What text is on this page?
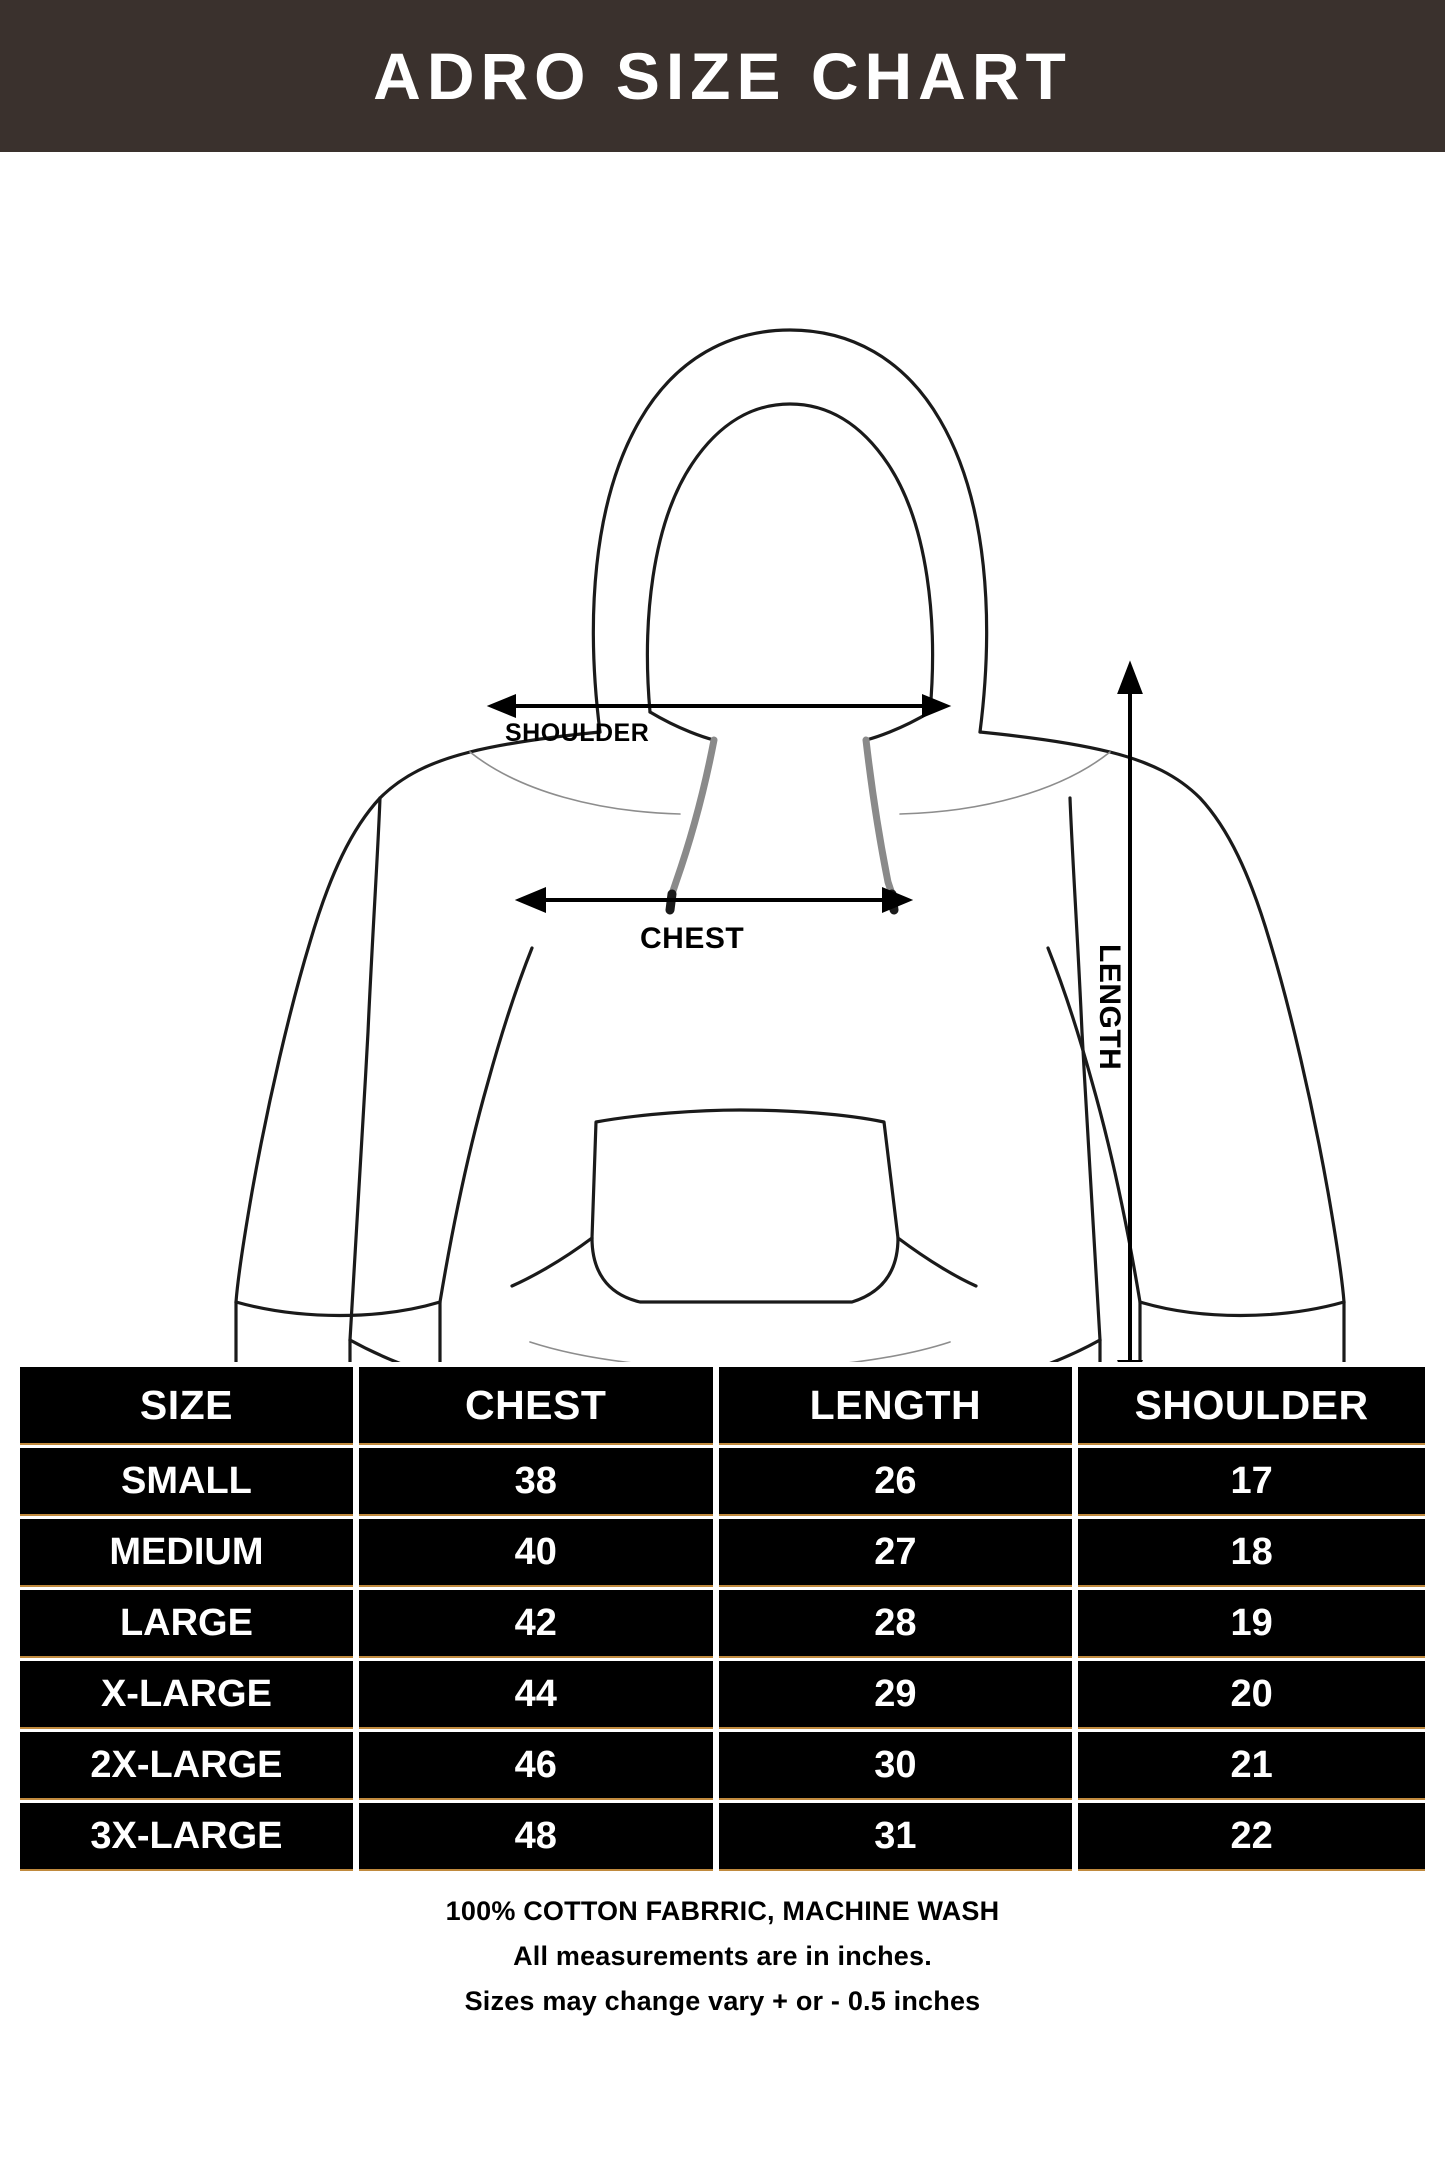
ADRO SIZE CHART
SHOULDER
CHEST
LENGTH
SIZE	CHEST	LENGTH	SHOULDER
SMALL	38	26	17
MEDIUM	40	27	18
LARGE	42	28	19
X-LARGE	44	29	20
2X-LARGE	46	30	21
3X-LARGE	48	31	22
100% COTTON FABRRIC, MACHINE WASH
All measurements are in inches.
Sizes may change vary + or - 0.5 inches
